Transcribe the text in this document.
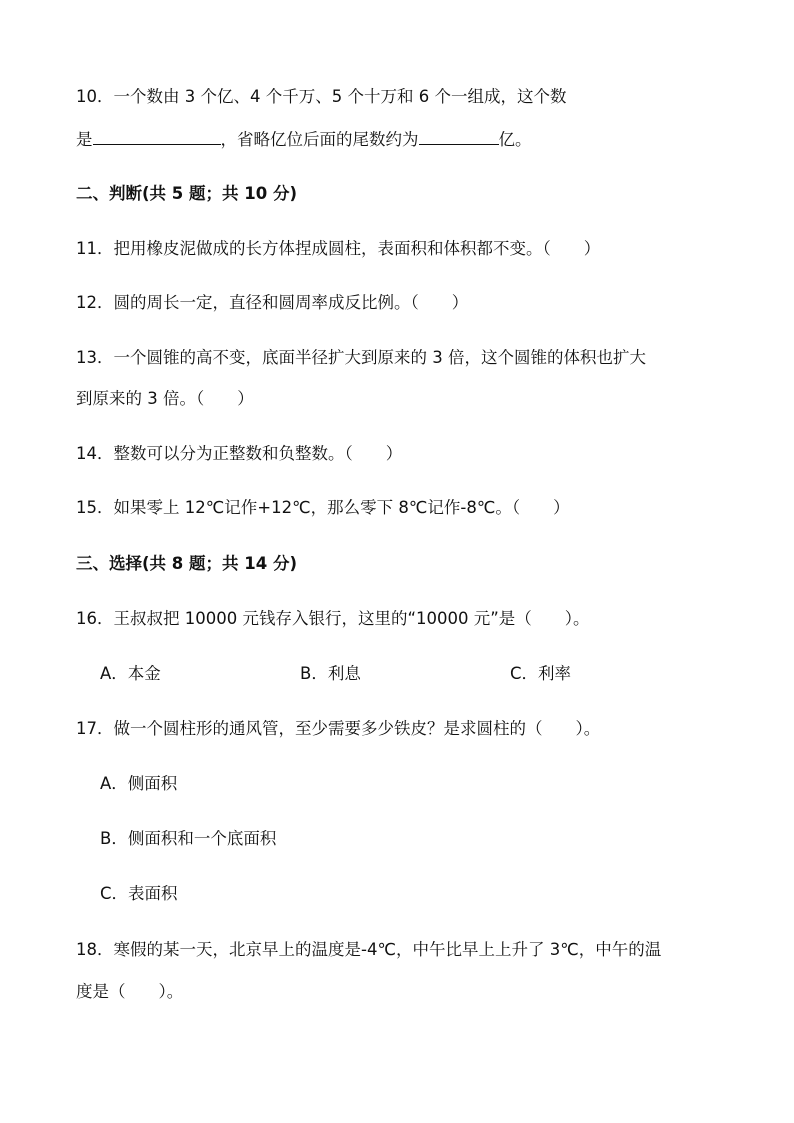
10．一个数由 3 个亿、4 个千万、5 个十万和 6 个一组成，这个数
是	，省略亿位后面的尾数约为	亿。
二、判断(共 5 题；共 10 分)
11．把用橡皮泥做成的长方体捏成圆柱，表面积和体积都不变。（　　）
12．圆的周长一定，直径和圆周率成反比例。（　　）
13．一个圆锥的高不变，底面半径扩大到原来的 3 倍，这个圆锥的体积也扩大
到原来的 3 倍。（　　）
14．整数可以分为正整数和负整数。（　　）
15．如果零上 12℃记作+12℃，那么零下 8℃记作-8℃。（　　）
三、选择(共 8 题；共 14 分)
16．王叔叔把 10000 元钱存入银行，这里的“10000 元”是（　　）。
A．本金	B．利息	C．利率
17．做一个圆柱形的通风管，至少需要多少铁皮？是求圆柱的（　　）。
A．侧面积
B．侧面积和一个底面积
C．表面积
18．寒假的某一天，北京早上的温度是-4℃，中午比早上上升了 3℃，中午的温
度是（　　）。
